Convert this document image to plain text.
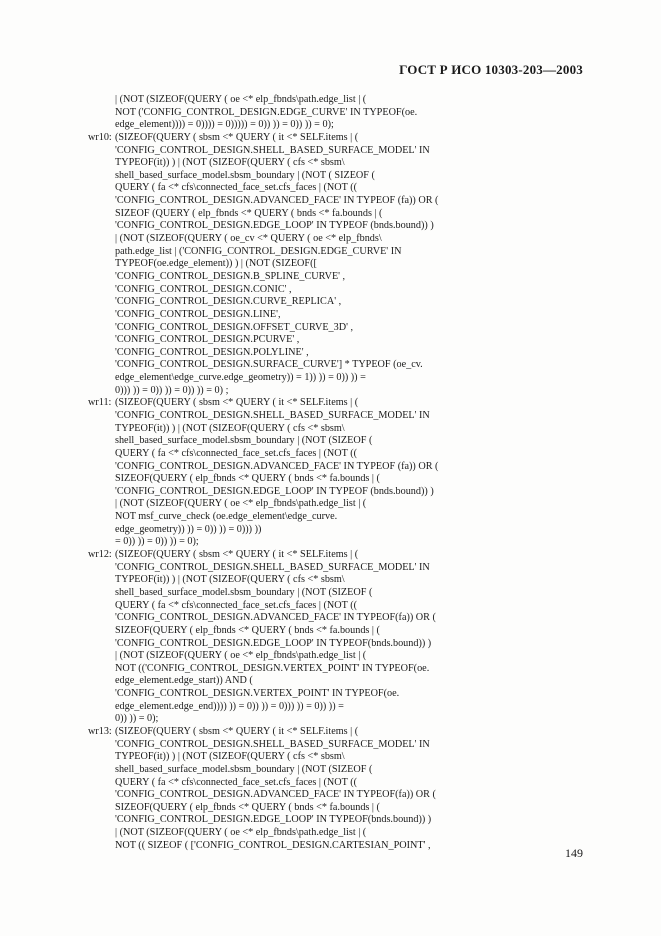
ГОСТ Р ИСО 10303-203—2003
| (NOT (SIZEOF(QUERY ( oe <* elp_fbnds\path.edge_list | (
NOT ('CONFIG_CONTROL_DESIGN.EDGE_CURVE' IN TYPEOF(oe.
edge_element)))) = 0)))) = 0))))) = 0)) )) = 0)) )) = 0);
wr10: (SIZEOF(QUERY ( sbsm <* QUERY ( it <* SELF.items | (
'CONFIG_CONTROL_DESIGN.SHELL_BASED_SURFACE_MODEL' IN
TYPEOF(it)) ) | (NOT (SIZEOF(QUERY ( cfs <* sbsm\
shell_based_surface_model.sbsm_boundary | (NOT ( SIZEOF (
QUERY ( fa <* cfs\connected_face_set.cfs_faces | (NOT ((
'CONFIG_CONTROL_DESIGN.ADVANCED_FACE' IN TYPEOF (fa)) OR (
SIZEOF (QUERY ( elp_fbnds <* QUERY ( bnds <* fa.bounds | (
'CONFIG_CONTROL_DESIGN.EDGE_LOOP' IN TYPEOF (bnds.bound)) )
| (NOT (SIZEOF(QUERY ( oe_cv <* QUERY ( oe <* elp_fbnds\
path.edge_list | ('CONFIG_CONTROL_DESIGN.EDGE_CURVE' IN
TYPEOF(oe.edge_element)) ) | (NOT (SIZEOF([
'CONFIG_CONTROL_DESIGN.B_SPLINE_CURVE' ,
'CONFIG_CONTROL_DESIGN.CONIC' ,
'CONFIG_CONTROL_DESIGN.CURVE_REPLICA' ,
'CONFIG_CONTROL_DESIGN.LINE',
'CONFIG_CONTROL_DESIGN.OFFSET_CURVE_3D' ,
'CONFIG_CONTROL_DESIGN.PCURVE' ,
'CONFIG_CONTROL_DESIGN.POLYLINE' ,
'CONFIG_CONTROL_DESIGN.SURFACE_CURVE'] * TYPEOF (oe_cv.
edge_element\edge_curve.edge_geometry)) = 1)) )) = 0)) )) =
0))) )) = 0)) )) = 0)) )) = 0) ;
wr11: (SIZEOF(QUERY ( sbsm <* QUERY ( it <* SELF.items | (
'CONFIG_CONTROL_DESIGN.SHELL_BASED_SURFACE_MODEL' IN
TYPEOF(it)) ) | (NOT (SIZEOF(QUERY ( cfs <* sbsm\
shell_based_surface_model.sbsm_boundary | (NOT (SIZEOF (
QUERY ( fa <* cfs\connected_face_set.cfs_faces | (NOT ((
'CONFIG_CONTROL_DESIGN.ADVANCED_FACE' IN TYPEOF (fa)) OR (
SIZEOF(QUERY ( elp_fbnds <* QUERY ( bnds <* fa.bounds | (
'CONFIG_CONTROL_DESIGN.EDGE_LOOP' IN TYPEOF (bnds.bound)) )
| (NOT (SIZEOF(QUERY ( oe <* elp_fbnds\path.edge_list | (
NOT msf_curve_check (oe.edge_element\edge_curve.
edge_geometry)) )) = 0)) )) = 0))) ))
= 0)) )) = 0)) )) = 0);
wr12: (SIZEOF(QUERY ( sbsm <* QUERY ( it <* SELF.items | (
'CONFIG_CONTROL_DESIGN.SHELL_BASED_SURFACE_MODEL' IN
TYPEOF(it)) ) | (NOT (SIZEOF(QUERY ( cfs <* sbsm\
shell_based_surface_model.sbsm_boundary | (NOT (SIZEOF (
QUERY ( fa <* cfs\connected_face_set.cfs_faces | (NOT ((
'CONFIG_CONTROL_DESIGN.ADVANCED_FACE' IN TYPEOF(fa)) OR (
SIZEOF(QUERY ( elp_fbnds <* QUERY ( bnds <* fa.bounds | (
'CONFIG_CONTROL_DESIGN.EDGE_LOOP' IN TYPEOF(bnds.bound)) )
| (NOT (SIZEOF(QUERY ( oe <* elp_fbnds\path.edge_list | (
NOT (('CONFIG_CONTROL_DESIGN.VERTEX_POINT' IN TYPEOF(oe.
edge_element.edge_start)) AND (
'CONFIG_CONTROL_DESIGN.VERTEX_POINT' IN TYPEOF(oe.
edge_element.edge_end)))) )) = 0)) )) = 0))) )) = 0)) )) =
0)) )) = 0);
wr13: (SIZEOF(QUERY ( sbsm <* QUERY ( it <* SELF.items | (
'CONFIG_CONTROL_DESIGN.SHELL_BASED_SURFACE_MODEL' IN
TYPEOF(it)) ) | (NOT (SIZEOF(QUERY ( cfs <* sbsm\
shell_based_surface_model.sbsm_boundary | (NOT (SIZEOF (
QUERY ( fa <* cfs\connected_face_set.cfs_faces | (NOT ((
'CONFIG_CONTROL_DESIGN.ADVANCED_FACE' IN TYPEOF(fa)) OR (
SIZEOF(QUERY ( elp_fbnds <* QUERY ( bnds <* fa.bounds | (
'CONFIG_CONTROL_DESIGN.EDGE_LOOP' IN TYPEOF(bnds.bound)) )
| (NOT (SIZEOF(QUERY ( oe <* elp_fbnds\path.edge_list | (
NOT (( SIZEOF ( ['CONFIG_CONTROL_DESIGN.CARTESIAN_POINT' ,
149
